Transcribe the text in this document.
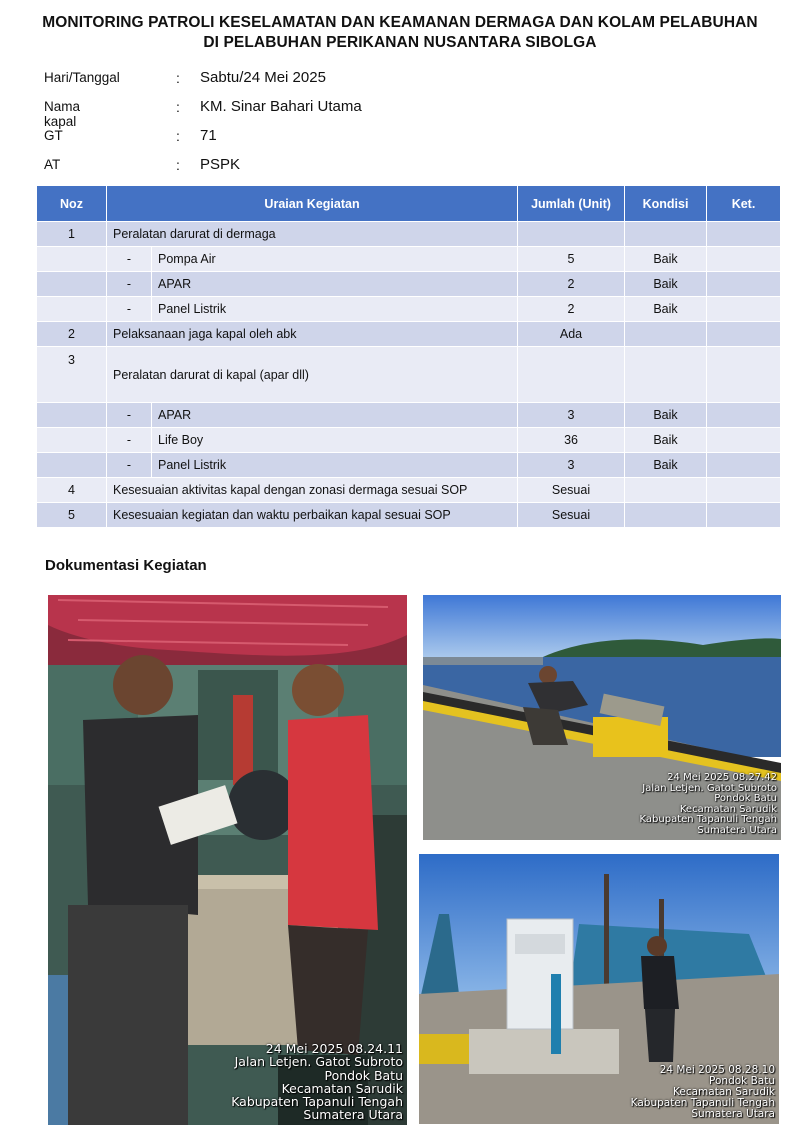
MONITORING PATROLI KESELAMATAN DAN KEAMANAN DERMAGA DAN KOLAM PELABUHAN
DI PELABUHAN PERIKANAN NUSANTARA SIBOLGA
Hari/Tanggal	: Sabtu/24 Mei 2025
Nama kapal
: KM. Sinar Bahari Utama
GT	: 71
AT	: PSPK
Noz	Uraian Kegiatan		Jumlah (Unit)	Kondisi	Ket.
1	Peralatan darurat di dermaga				
	-	Pompa Air	5	Baik	
	-	APAR	2	Baik	
	-	Panel Listrik	2	Baik	
2	Pelaksanaan jaga kapal oleh abk		Ada		
3	Peralatan darurat di kapal (apar dll)				
	-	APAR	3	Baik	
	-	Life Boy	36	Baik	
	-	Panel Listrik	3	Baik	
4	Kesesuaian aktivitas kapal dengan zonasi dermaga sesuai SOP		Sesuai		
5	Kesesuaian kegiatan dan waktu perbaikan kapal sesuai SOP		Sesuai		
Dokumentasi Kegiatan
24 Mei 2025 08.24.11
Jalan Letjen. Gatot Subroto
Pondok Batu
Kecamatan Sarudik
Kabupaten Tapanuli Tengah
Sumatera Utara
24 Mei 2025 08.27.42
Jalan Letjen. Gatot Subroto
Pondok Batu
Kecamatan Sarudik
Kabupaten Tapanuli Tengah
Sumatera Utara
24 Mei 2025 08.28.10
Pondok Batu
Kecamatan Sarudik
Kabupaten Tapanuli Tengah
Sumatera Utara
